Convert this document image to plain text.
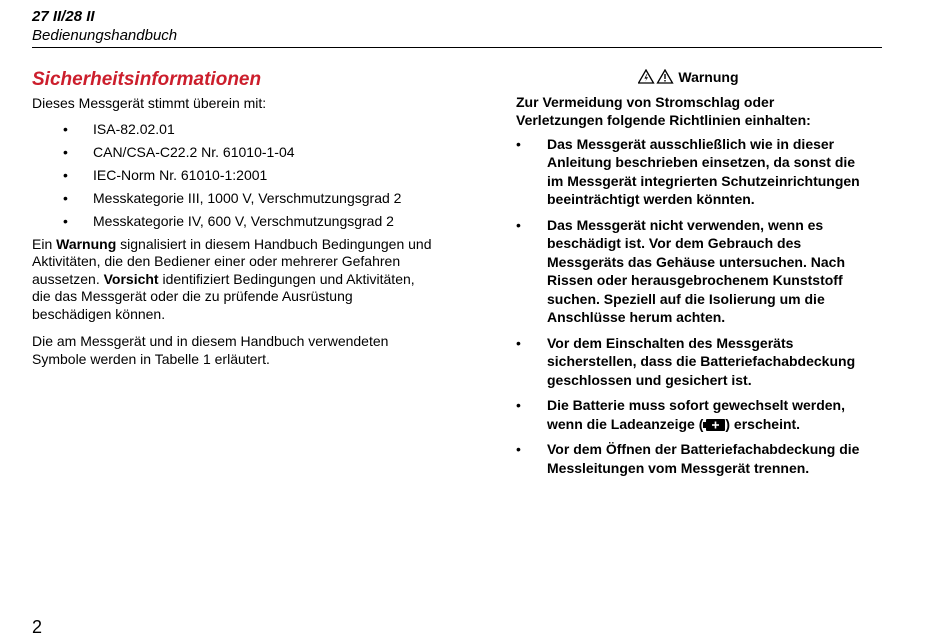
27 II/28 II
Bedienungshandbuch
Sicherheitsinformationen

Dieses Messgerät stimmt überein mit:

• ISA-82.02.01
• CAN/CSA-C22.2 Nr. 61010-1-04
• IEC-Norm Nr. 61010-1:2001
• Messkategorie III, 1000 V, Verschmutzungsgrad 2
• Messkategorie IV, 600 V, Verschmutzungsgrad 2

Ein Warnung signalisiert in diesem Handbuch Bedingungen und Aktivitäten, die den Bediener einer oder mehrerer Gefahren aussetzen. Vorsicht identifiziert Bedingungen und Aktivitäten, die das Messgerät oder die zu prüfende Ausrüstung beschädigen können.

Die am Messgerät und in diesem Handbuch verwendeten Symbole werden in Tabelle 1 erläutert.

Warnung

Zur Vermeidung von Stromschlag oder Verletzungen folgende Richtlinien einhalten:

• Das Messgerät ausschließlich wie in dieser Anleitung beschrieben einsetzen, da sonst die im Messgerät integrierten Schutzeinrichtungen beeinträchtigt werden könnten.
• Das Messgerät nicht verwenden, wenn es beschädigt ist. Vor dem Gebrauch des Messgeräts das Gehäuse untersuchen. Nach Rissen oder herausgebrochenem Kunststoff suchen. Speziell auf die Isolierung um die Anschlüsse herum achten.
• Vor dem Einschalten des Messgeräts sicherstellen, dass die Batteriefachabdeckung geschlossen und gesichert ist.
• Die Batterie muss sofort gewechselt werden, wenn die Ladeanzeige ( ) erscheint.
• Vor dem Öffnen der Batteriefachabdeckung die Messleitungen vom Messgerät trennen.
2
